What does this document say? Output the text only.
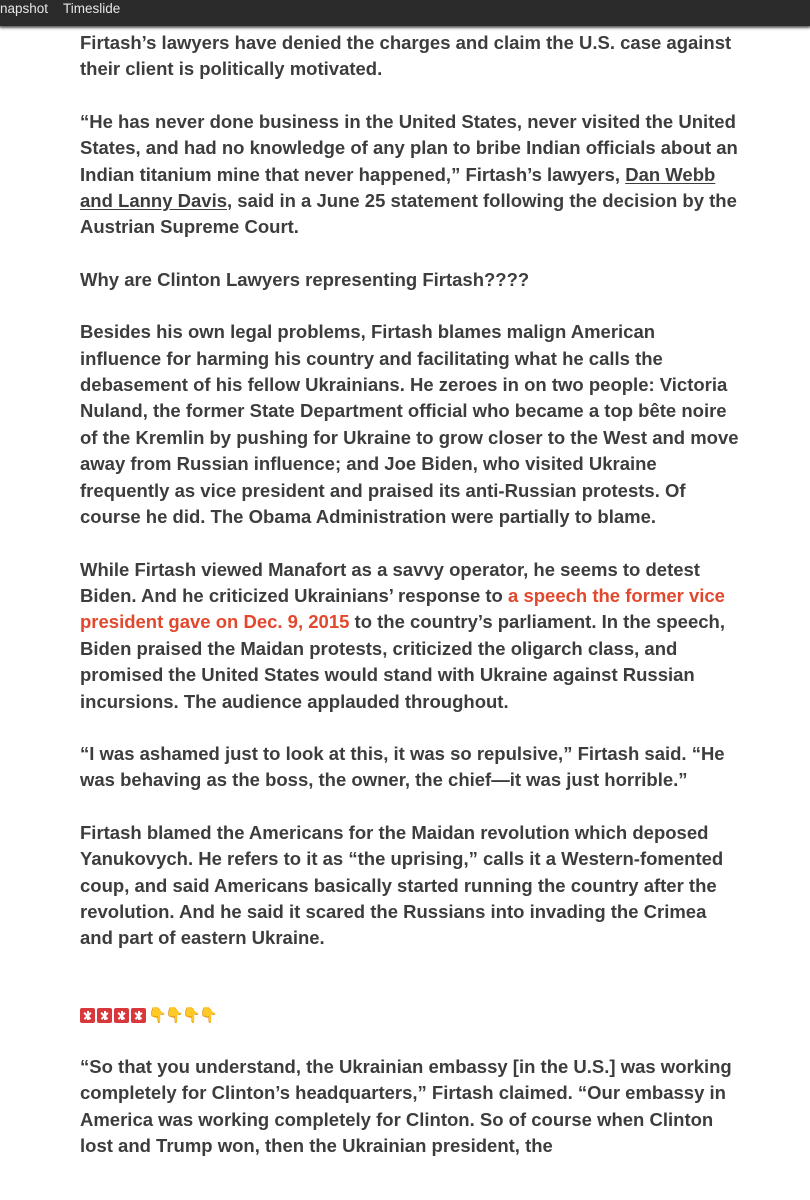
napshot Timeslide

Firtash’s lawyers have denied the charges and claim the U.S. case against their client is politically motivated.

“He has never done business in the United States, never visited the United States, and had no knowledge of any plan to bribe Indian officials about an Indian titanium mine that never happened,” Firtash’s lawyers, Dan Webb and Lanny Davis, said in a June 25 statement following the decision by the Austrian Supreme Court.

Why are Clinton Lawyers representing Firtash????

Besides his own legal problems, Firtash blames malign American influence for harming his country and facilitating what he calls the debasement of his fellow Ukrainians. He zeroes in on two people: Victoria Nuland, the former State Department official who became a top bête noire of the Kremlin by pushing for Ukraine to grow closer to the West and move away from Russian influence; and Joe Biden, who visited Ukraine frequently as vice president and praised its anti-Russian protests. Of course he did. The Obama Administration were partially to blame.

While Firtash viewed Manafort as a savvy operator, he seems to detest Biden. And he criticized Ukrainians’ response to a speech the former vice president gave on Dec. 9, 2015 to the country’s parliament. In the speech, Biden praised the Maidan protests, criticized the oligarch class, and promised the United States would stand with Ukraine against Russian incursions. The audience applauded throughout.

“I was ashamed just to look at this, it was so repulsive,” Firtash said. “He was behaving as the boss, the owner, the chief—it was just horrible.”

Firtash blamed the Americans for the Maidan revolution which deposed Yanukovych. He refers to it as “the uprising,” calls it a Western-fomented coup, and said Americans basically started running the country after the revolution. And he said it scared the Russians into invading the Crimea and part of eastern Ukraine.

👇
👇
👇
👇

“So that you understand, the Ukrainian embassy [in the U.S.] was working completely for Clinton’s headquarters,” Firtash claimed. “Our embassy in America was working completely for Clinton. So of course when Clinton lost and Trump won, then the Ukrainian president, the
